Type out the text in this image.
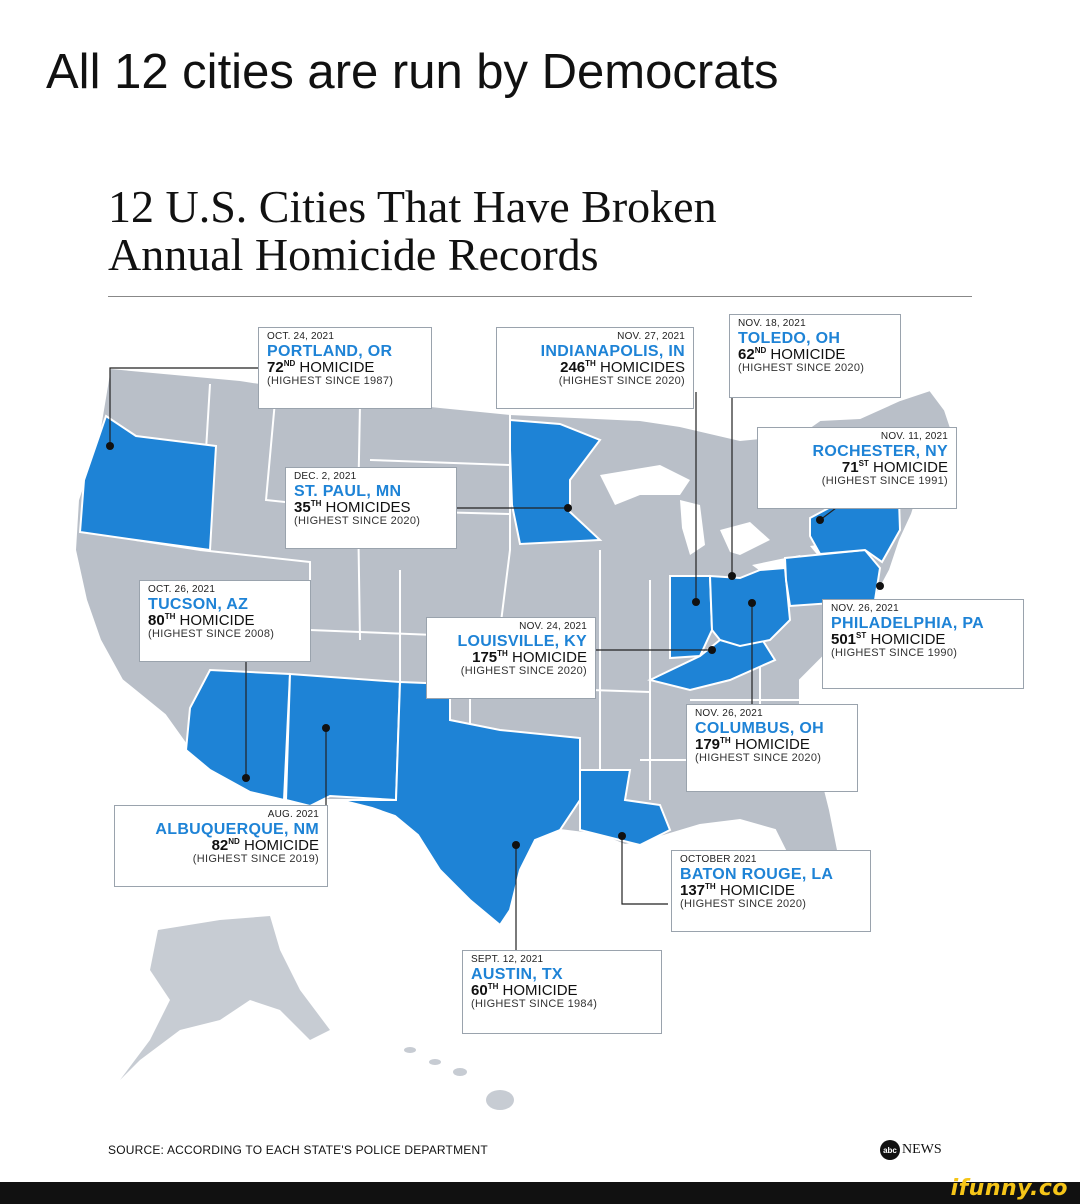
All 12 cities are run by Democrats
12 U.S. Cities That Have Broken
Annual Homicide Records
OCT. 24, 2021
PORTLAND, OR
72ND HOMICIDE
(HIGHEST SINCE 1987)
NOV. 27, 2021
INDIANAPOLIS, IN
246TH HOMICIDES
(HIGHEST SINCE 2020)
NOV. 18, 2021
TOLEDO, OH
62ND HOMICIDE
(HIGHEST SINCE 2020)
NOV. 11, 2021
ROCHESTER, NY
71ST HOMICIDE
(HIGHEST SINCE 1991)
DEC. 2, 2021
ST. PAUL, MN
35TH HOMICIDES
(HIGHEST SINCE 2020)
OCT. 26, 2021
TUCSON, AZ
80TH HOMICIDE
(HIGHEST SINCE 2008)
NOV. 24, 2021
LOUISVILLE, KY
175TH HOMICIDE
(HIGHEST SINCE 2020)
NOV. 26, 2021
PHILADELPHIA, PA
501ST HOMICIDE
(HIGHEST SINCE 1990)
NOV. 26, 2021
COLUMBUS, OH
179TH HOMICIDE
(HIGHEST SINCE 2020)
AUG. 2021
ALBUQUERQUE, NM
82ND HOMICIDE
(HIGHEST SINCE 2019)	OCTOBER 2021
BATON ROUGE, LA
137TH HOMICIDE
(HIGHEST SINCE 2020)
SEPT. 12, 2021
AUSTIN, TX
60TH HOMICIDE
(HIGHEST SINCE 1984)
SOURCE: ACCORDING TO EACH STATE'S POLICE DEPARTMENT	abc NEWS
ifunny.co
